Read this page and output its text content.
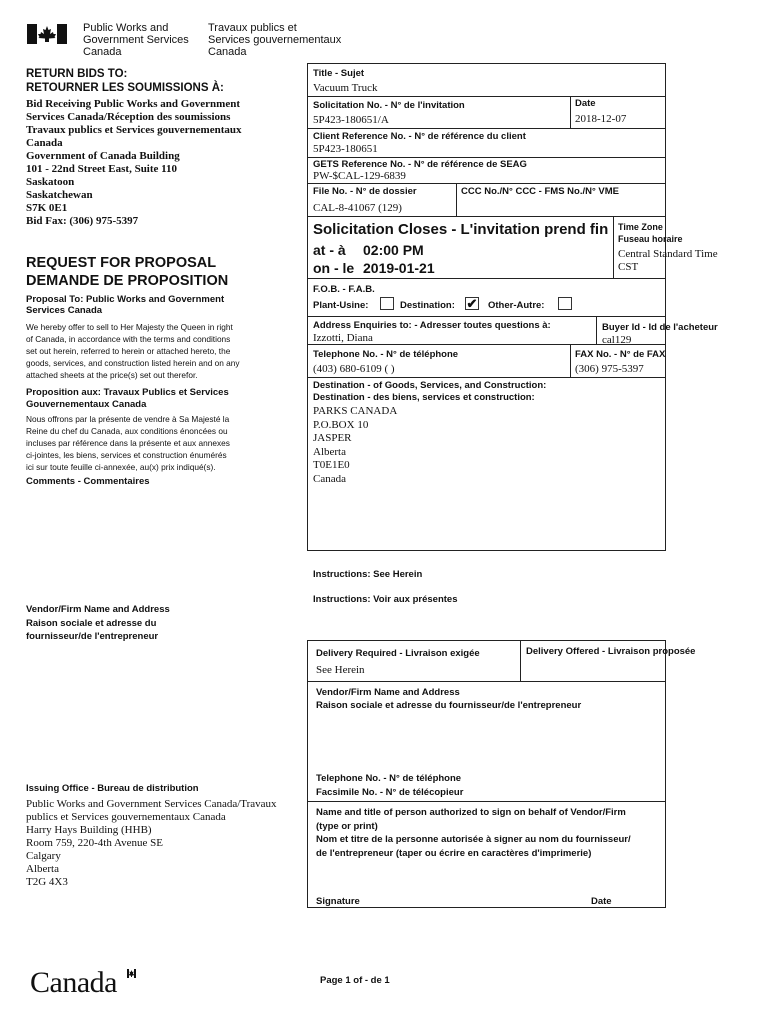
Public Works and
Government Services
Canada
Travaux publics et
Services gouvernementaux
Canada
RETURN BIDS TO:
RETOURNER LES SOUMISSIONS À:
Bid Receiving Public Works and Government
Services Canada/Réception des soumissions
Travaux publics et Services gouvernementaux
Canada
Government of Canada Building
101 - 22nd Street East, Suite 110
Saskatoon
Saskatchewan
S7K 0E1
Bid Fax: (306) 975-5397
REQUEST FOR PROPOSAL
DEMANDE DE PROPOSITION
Proposal To: Public Works and Government
Services Canada
We hereby offer to sell to Her Majesty the Queen in right
of Canada, in accordance with the terms and conditions
set out herein, referred to herein or attached hereto, the
goods, services, and construction listed herein and on any
attached sheets at the price(s) set out therefor.
Proposition aux: Travaux Publics et Services
Gouvernementaux Canada
Nous offrons par la présente de vendre à Sa Majesté la
Reine du chef du Canada, aux conditions énoncées ou
incluses par référence dans la présente et aux annexes
ci-jointes, les biens, services et construction énumérés
ici sur toute feuille ci-annexée, au(x) prix indiqué(s).
Comments - Commentaires
Vendor/Firm Name and Address
Raison sociale et adresse du
fournisseur/de l'entrepreneur
Issuing Office - Bureau de distribution
Public Works and Government Services Canada/Travaux
publics et Services gouvernementaux Canada
Harry Hays Building (HHB)
Room 759, 220-4th Avenue SE
Calgary
Alberta
T2G 4X3
Canada
Title - Sujet
Vacuum Truck
Solicitation No. - N° de l'invitation
5P423-180651/A
Date
2018-12-07
Client Reference No. - N° de référence du client
5P423-180651
GETS Reference No. - N° de référence de SEAG
PW-$CAL-129-6839
File No. - N° de dossier
CAL-8-41067 (129)
CCC No./N° CCC - FMS No./N° VME
Solicitation Closes - L'invitation prend fin
at - à 02:00 PM
on - le 2019-01-21
Time Zone
Fuseau horaire
Central Standard Time
CST
F.O.B. - F.A.B.
Plant-Usine:	Destination: ✔ Other-Autre:
Address Enquiries to: - Adresser toutes questions à:
Izzotti, Diana
Buyer Id - Id de l'acheteur
cal129
Telephone No. - N° de téléphone
(403) 680-6109 ( )
FAX No. - N° de FAX
(306) 975-5397
Destination - of Goods, Services, and Construction:
Destination - des biens, services et construction:
PARKS CANADA
P.O.BOX 10
JASPER
Alberta
T0E1E0
Canada
Instructions: See Herein
Instructions: Voir aux présentes
Delivery Required - Livraison exigée
See Herein
Delivery Offered - Livraison proposée
Vendor/Firm Name and Address
Raison sociale et adresse du fournisseur/de l'entrepreneur
Telephone No. - N° de téléphone
Facsimile No. - N° de télécopieur
Name and title of person authorized to sign on behalf of Vendor/Firm
(type or print)
Nom et titre de la personne autorisée à signer au nom du fournisseur/
de l'entrepreneur (taper ou écrire en caractères d'imprimerie)
Signature	Date
Page 1 of - de 1
